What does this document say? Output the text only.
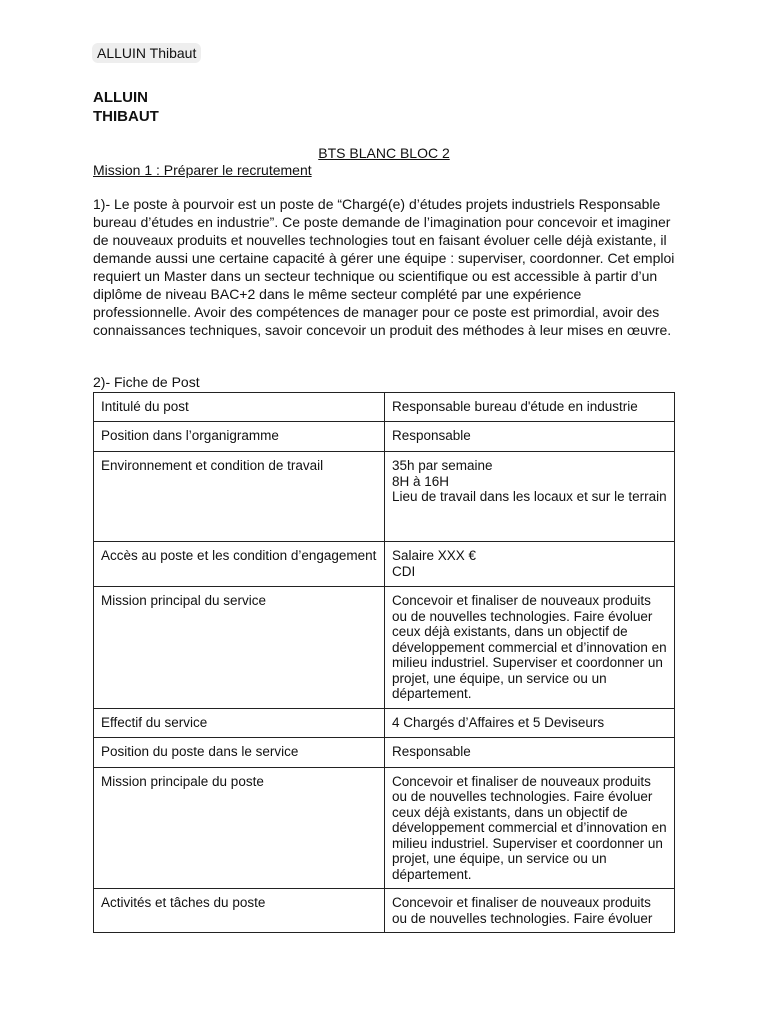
ALLUIN Thibaut
ALLUIN
THIBAUT
BTS BLANC BLOC 2
Mission 1 : Préparer le recrutement

1)- Le poste à pourvoir est un poste de “Chargé(e) d’études projets industriels Responsable bureau d’études en industrie”. Ce poste demande de l’imagination pour concevoir et imaginer de nouveaux produits et nouvelles technologies tout en faisant évoluer celle déjà existante, il demande aussi une certaine capacité à gérer une équipe : superviser, coordonner. Cet emploi requiert un Master dans un secteur technique ou scientifique ou est accessible à partir d’un diplôme de niveau BAC+2 dans le même secteur complété par une expérience professionnelle. Avoir des compétences de manager pour ce poste est primordial, avoir des connaissances techniques, savoir concevoir un produit des méthodes à leur mises en œuvre.

2)- Fiche de Post
Intitulé du post	Responsable bureau d'étude en industrie
Position dans l’organigramme	Responsable
Environnement et condition de travail	35h par semaine
8H à 16H
Lieu de travail dans les locaux et sur le terrain
Accès au poste et les condition d’engagement	Salaire XXX €
CDI
Mission principal du service	Concevoir et finaliser de nouveaux produits ou de nouvelles technologies. Faire évoluer ceux déjà existants, dans un objectif de développement commercial et d’innovation en milieu industriel. Superviser et coordonner un projet, une équipe, un service ou un département.
Effectif du service	4 Chargés d’Affaires et 5 Deviseurs
Position du poste dans le service	Responsable
Mission principale du poste	Concevoir et finaliser de nouveaux produits ou de nouvelles technologies. Faire évoluer ceux déjà existants, dans un objectif de développement commercial et d’innovation en milieu industriel. Superviser et coordonner un projet, une équipe, un service ou un département.
Activités et tâches du poste	Concevoir et finaliser de nouveaux produits ou de nouvelles technologies. Faire évoluer
